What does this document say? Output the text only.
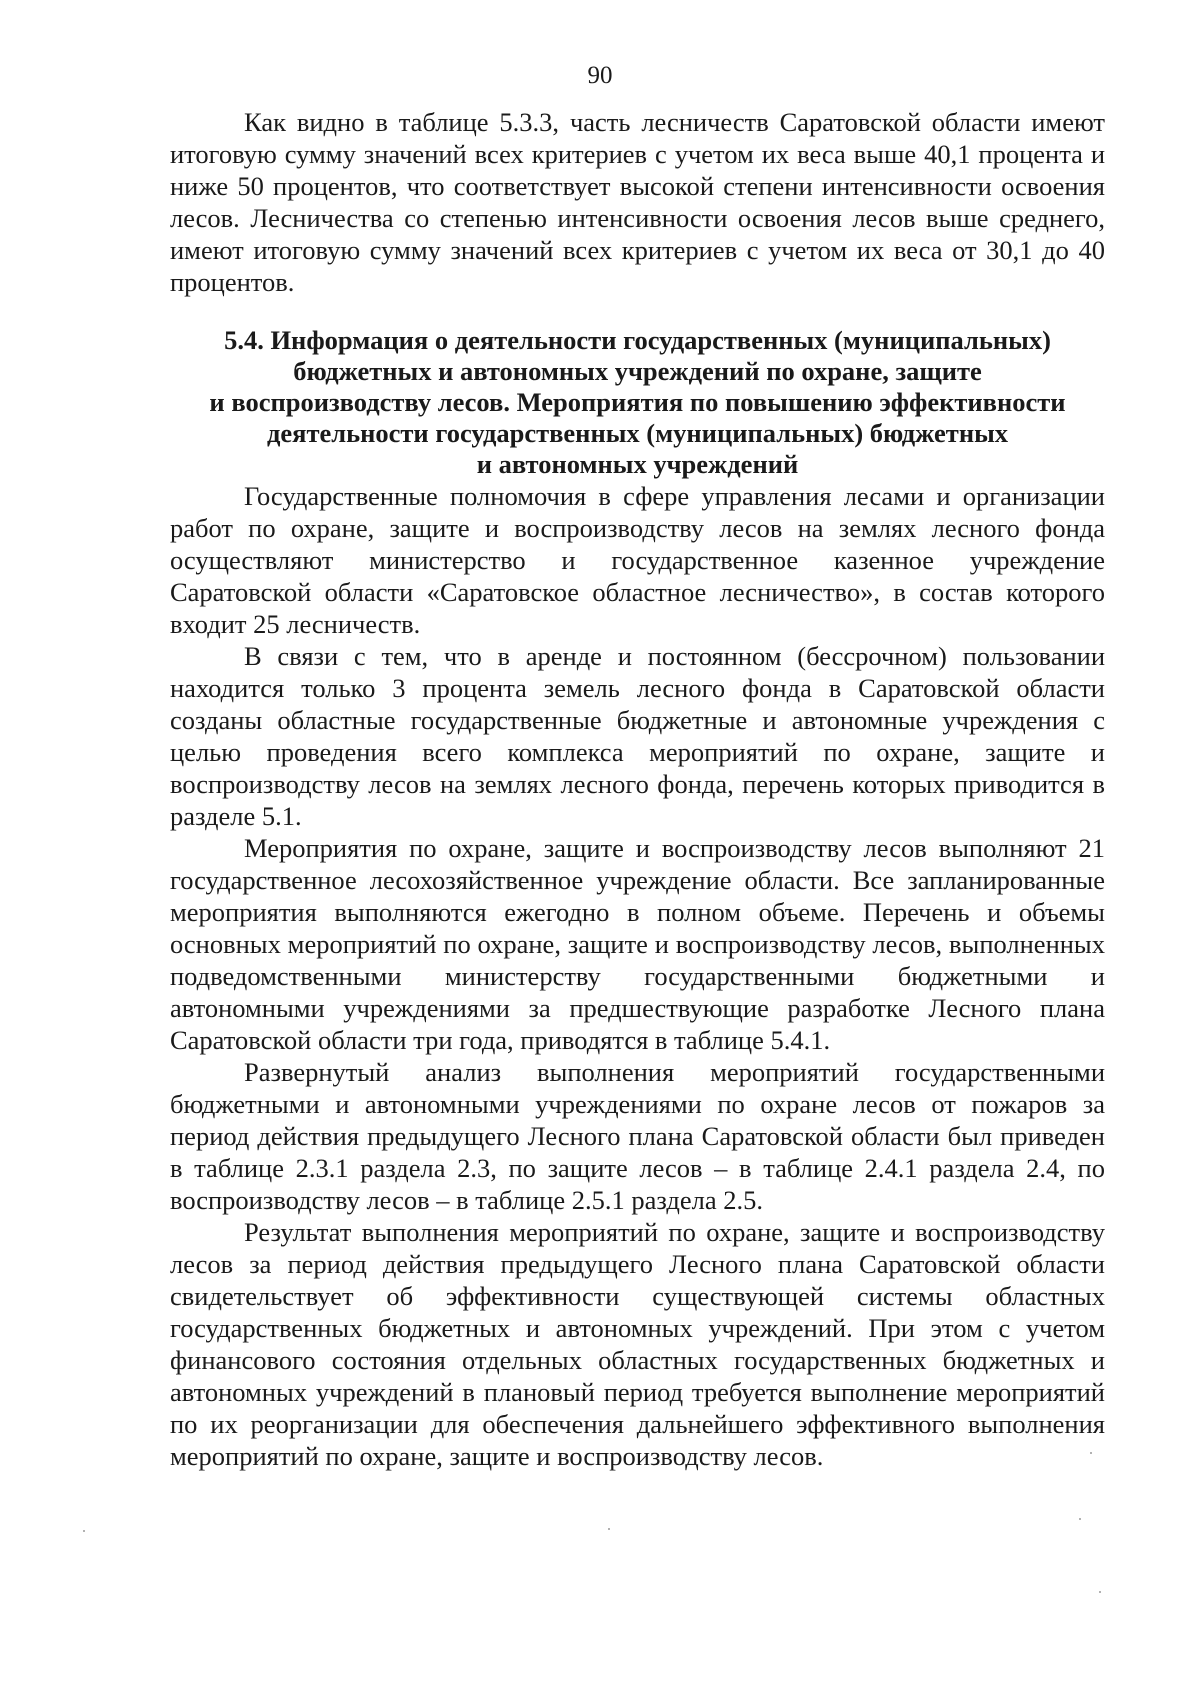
90

Как видно в таблице 5.3.3, часть лесничеств Саратовской области имеют итоговую сумму значений всех критериев с учетом их веса выше 40,1 процента и ниже 50 процентов, что соответствует высокой степени интенсивности освоения лесов. Лесничества со степенью интенсивности освоения лесов выше среднего, имеют итоговую сумму значений всех критериев с учетом их веса от 30,1 до 40 процентов.

5.4. Информация о деятельности государственных (муниципальных)
бюджетных и автономных учреждений по охране, защите
и воспроизводству лесов. Мероприятия по повышению эффективности
деятельности государственных (муниципальных) бюджетных
и автономных учреждений

Государственные полномочия в сфере управления лесами и организации работ по охране, защите и воспроизводству лесов на землях лесного фонда осуществляют министерство и государственное казенное учреждение Саратовской области «Саратовское областное лесничество», в состав которого входит 25 лесничеств.

В связи с тем, что в аренде и постоянном (бессрочном) пользовании находится только 3 процента земель лесного фонда в Саратовской области созданы областные государственные бюджетные и автономные учреждения с целью проведения всего комплекса мероприятий по охране, защите и воспроизводству лесов на землях лесного фонда, перечень которых приводится в разделе 5.1.

Мероприятия по охране, защите и воспроизводству лесов выполняют 21 государственное лесохозяйственное учреждение области. Все запланированные мероприятия выполняются ежегодно в полном объеме. Перечень и объемы основных мероприятий по охране, защите и воспроизводству лесов, выполненных подведомственными министерству государственными бюджетными и автономными учреждениями за предшествующие разработке Лесного плана Саратовской области три года, приводятся в таблице 5.4.1.

Развернутый анализ выполнения мероприятий государственными бюджетными и автономными учреждениями по охране лесов от пожаров за период действия предыдущего Лесного плана Саратовской области был приведен в таблице 2.3.1 раздела 2.3, по защите лесов – в таблице 2.4.1 раздела 2.4, по воспроизводству лесов – в таблице 2.5.1 раздела 2.5.

Результат выполнения мероприятий по охране, защите и воспроизводству лесов за период действия предыдущего Лесного плана Саратовской области свидетельствует об эффективности существующей системы областных государственных бюджетных и автономных учреждений. При этом с учетом финансового состояния отдельных областных государственных бюджетных и автономных учреждений в плановый период требуется выполнение мероприятий по их реорганизации для обеспечения дальнейшего эффективного выполнения мероприятий по охране, защите и воспроизводству лесов.
